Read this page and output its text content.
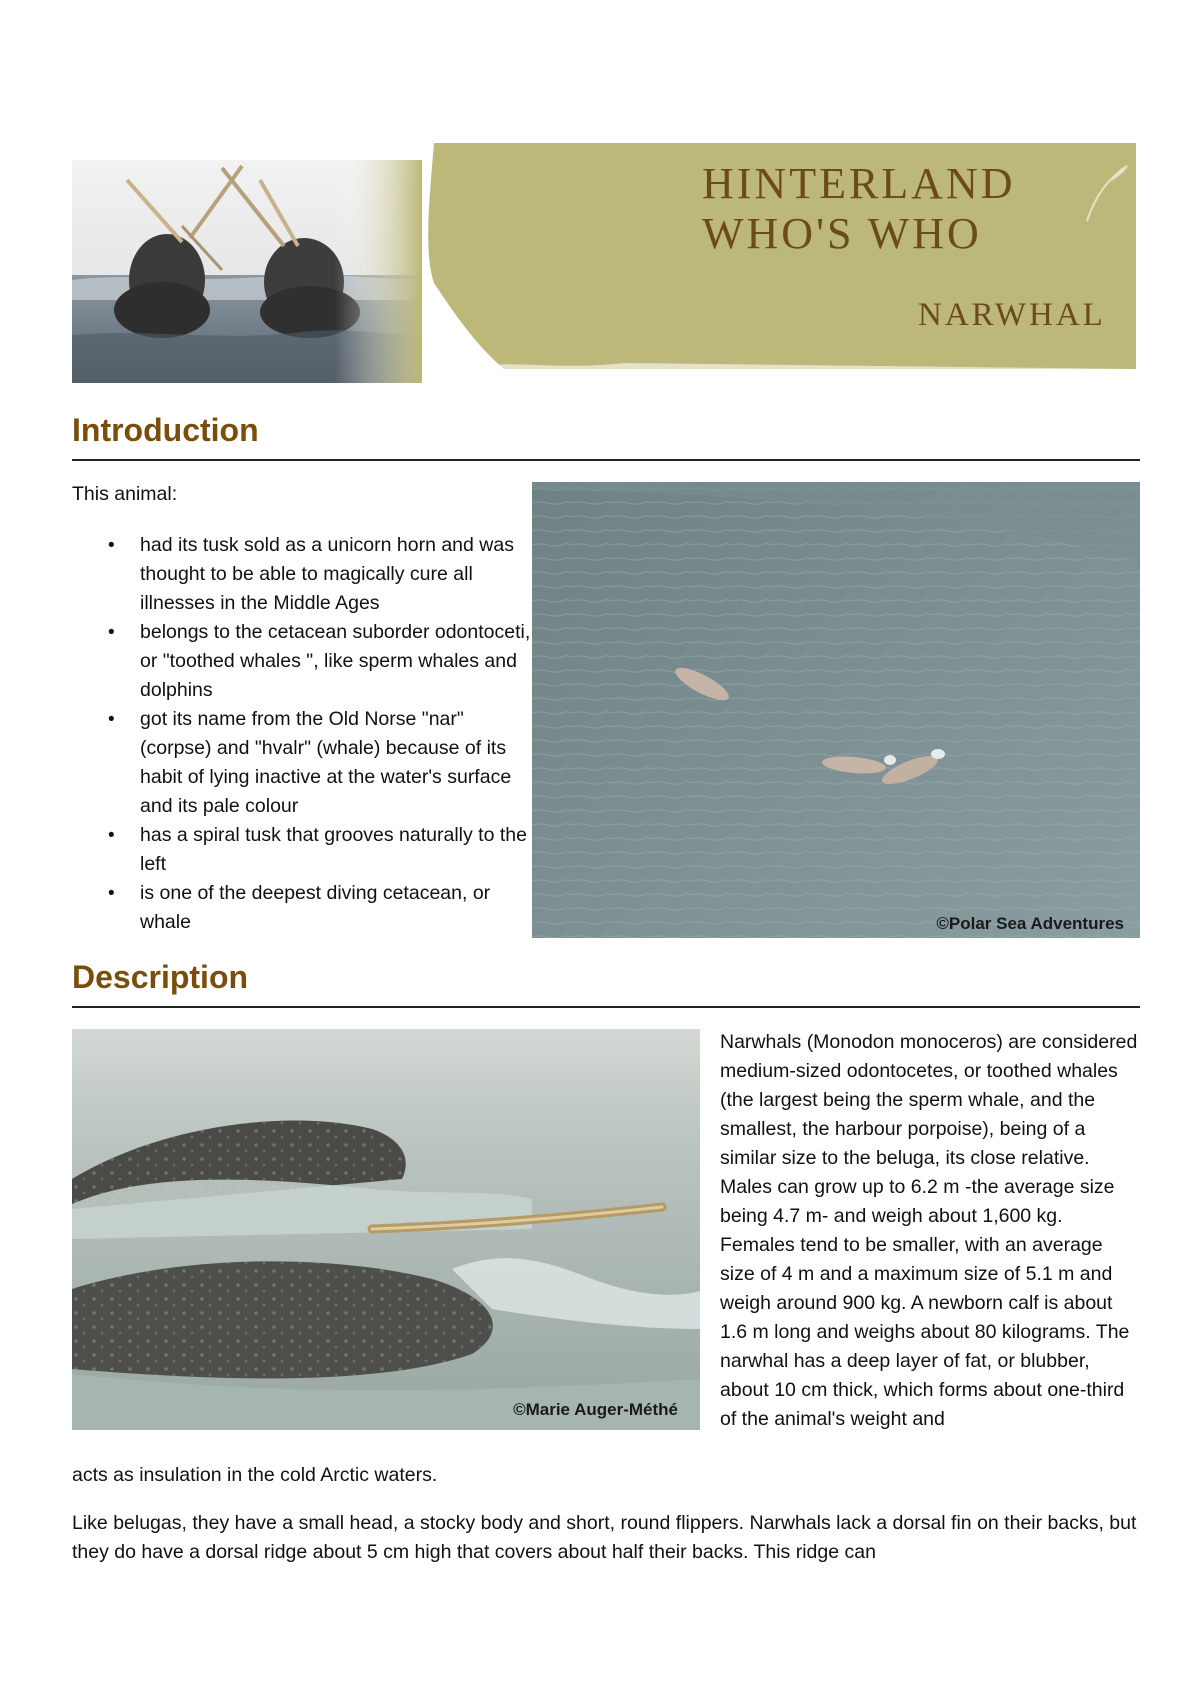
HINTERLAND
WHO'S WHO
NARWHAL
Introduction

This animal:

• had its tusk sold as a unicorn horn and was thought to be able to magically cure all illnesses in the Middle Ages
• belongs to the cetacean suborder odontoceti, or "toothed whales ", like sperm whales and dolphins
• got its name from the Old Norse "nar" (corpse) and "hvalr" (whale) because of its habit of lying inactive at the water's surface and its pale colour
• has a spiral tusk that grooves naturally to the left
• is one of the deepest diving cetacean, or whale	©Polar Sea Adventures
Description
©Marie Auger-Méthé

Narwhals (Monodon monoceros) are considered medium-sized odontocetes, or toothed whales (the largest being the sperm whale, and the smallest, the harbour porpoise), being of a similar size to the beluga, its close relative. Males can grow up to 6.2 m -the average size being 4.7 m- and weigh about 1,600 kg. Females tend to be smaller, with an average size of 4 m and a maximum size of 5.1 m and weigh around 900 kg. A newborn calf is about 1.6 m long and weighs about 80 kilograms. The narwhal has a deep layer of fat, or blubber, about 10 cm thick, which forms about one-third of the animal's weight and

acts as insulation in the cold Arctic waters.

Like belugas, they have a small head, a stocky body and short, round flippers. Narwhals lack a dorsal fin on their backs, but they do have a dorsal ridge about 5 cm high that covers about half their backs. This ridge can
